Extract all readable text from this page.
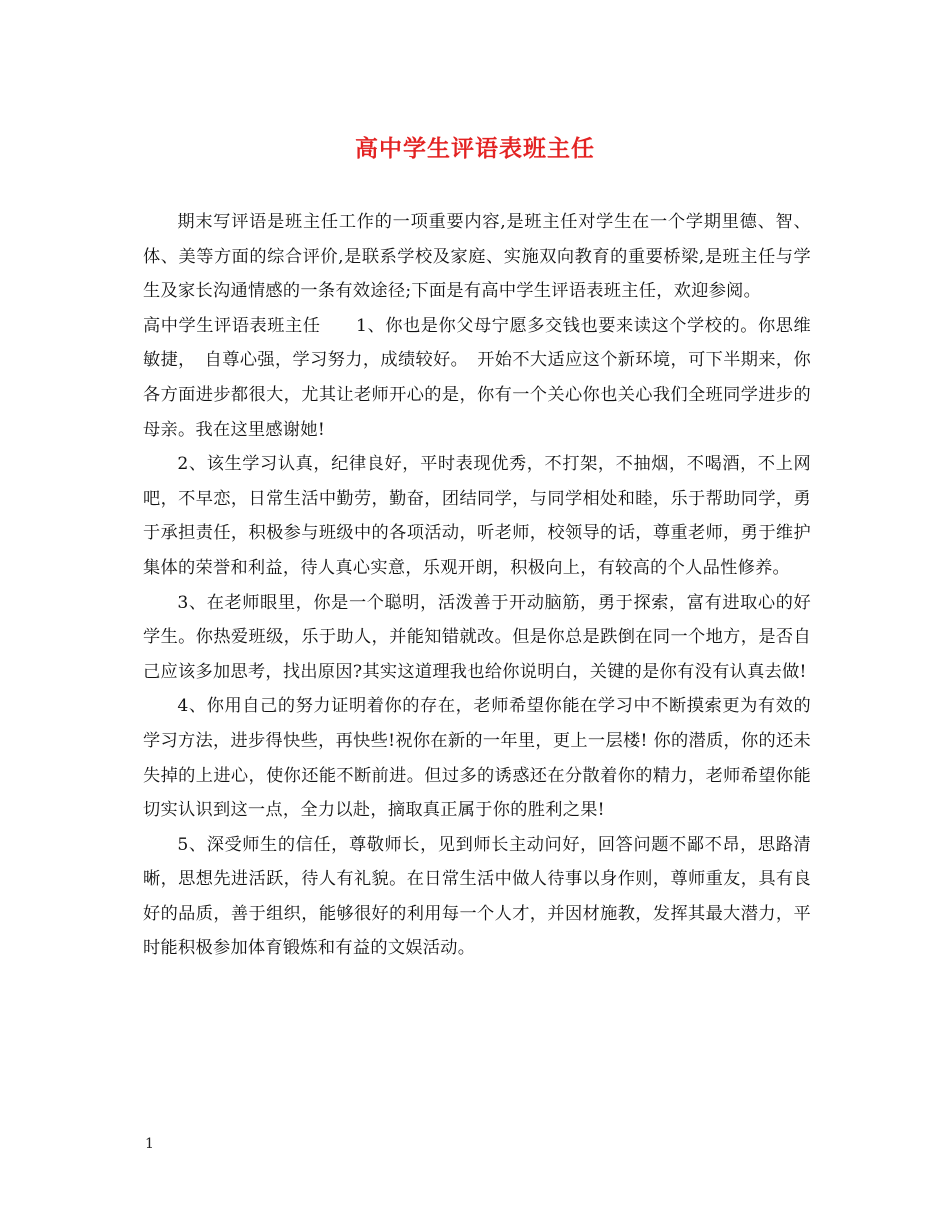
高中学生评语表班主任

期末写评语是班主任工作的一项重要内容,是班主任对学生在一个学期里德、智、体、美等方面的综合评价,是联系学校及家庭、实施双向教育的重要桥梁,是班主任与学生及家长沟通情感的一条有效途径;下面是有高中学生评语表班主任，欢迎参阅。

高中学生评语表班主任　　1、你也是你父母宁愿多交钱也要来读这个学校的。你思维敏捷，　自尊心强，学习努力，成绩较好。　开始不大适应这个新环境，可下半期来，你各方面进步都很大，尤其让老师开心的是，你有一个关心你也关心我们全班同学进步的母亲。我在这里感谢她!

2、该生学习认真，纪律良好，平时表现优秀，不打架，不抽烟，不喝酒，不上网吧，不早恋，日常生活中勤劳，勤奋，团结同学，与同学相处和睦，乐于帮助同学，勇于承担责任，积极参与班级中的各项活动，听老师，校领导的话，尊重老师，勇于维护集体的荣誉和利益，待人真心实意，乐观开朗，积极向上，有较高的个人品性修养。

3、在老师眼里，你是一个聪明，活泼善于开动脑筋，勇于探索，富有进取心的好学生。你热爱班级，乐于助人，并能知错就改。但是你总是跌倒在同一个地方，是否自己应该多加思考，找出原因?其实这道理我也给你说明白，关键的是你有没有认真去做!

4、你用自己的努力证明着你的存在，老师希望你能在学习中不断摸索更为有效的学习方法，进步得快些，再快些!祝你在新的一年里，更上一层楼! 你的潜质，你的还未失掉的上进心，使你还能不断前进。但过多的诱惑还在分散着你的精力，老师希望你能切实认识到这一点，全力以赴，摘取真正属于你的胜利之果!

5、深受师生的信任，尊敬师长，见到师长主动问好，回答问题不鄙不昂，思路清晰，思想先进活跃，待人有礼貌。在日常生活中做人待事以身作则，尊师重友，具有良好的品质，善于组织，能够很好的利用每一个人才，并因材施教，发挥其最大潜力，平时能积极参加体育锻炼和有益的文娱活动。

1
